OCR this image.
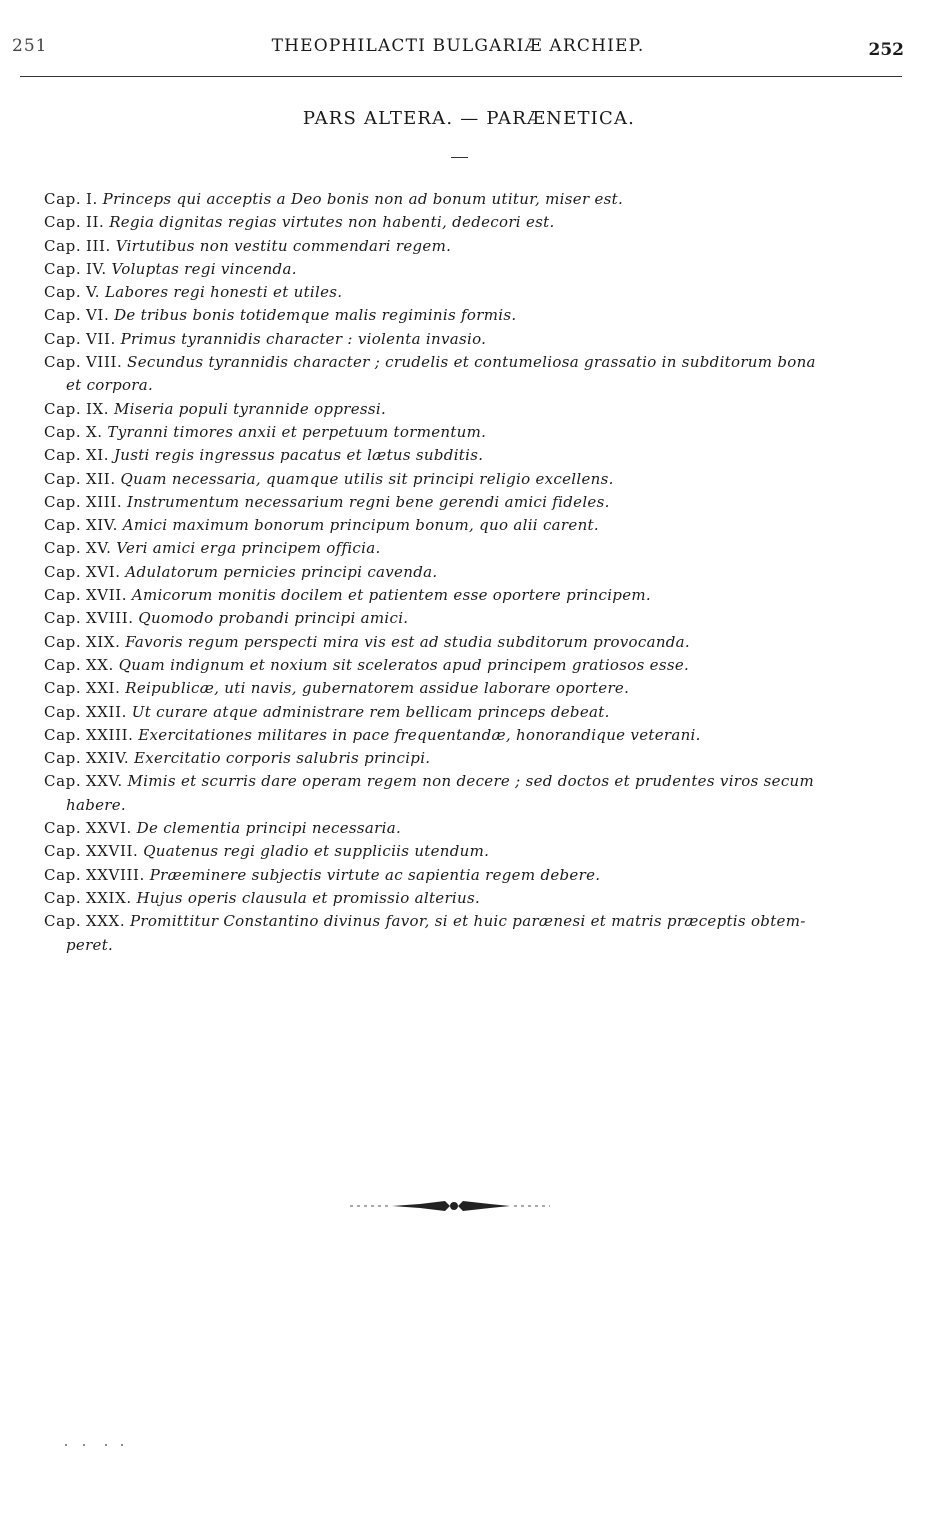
251	THEOPHILACTI BULGARIÆ ARCHIEP.	252
PARS ALTERA. — PARÆNETICA.
Cap. I. Princeps qui acceptis a Deo bonis non ad bonum utitur, miser est.
Cap. II. Regia dignitas regias virtutes non habenti, dedecori est.
Cap. III. Virtutibus non vestitu commendari regem.
Cap. IV. Voluptas regi vincenda.
Cap. V. Labores regi honesti et utiles.
Cap. VI. De tribus bonis totidemque malis regiminis formis.
Cap. VII. Primus tyrannidis character : violenta invasio.
Cap. VIII. Secundus tyrannidis character ; crudelis et contumeliosa grassatio in subditorum bona
et corpora.
Cap. IX. Miseria populi tyrannide oppressi.
Cap. X. Tyranni timores anxii et perpetuum tormentum.
Cap. XI. Justi regis ingressus pacatus et lætus subditis.
Cap. XII. Quam necessaria, quamque utilis sit principi religio excellens.
Cap. XIII. Instrumentum necessarium regni bene gerendi amici fideles.
Cap. XIV. Amici maximum bonorum principum bonum, quo alii carent.
Cap. XV. Veri amici erga principem officia.
Cap. XVI. Adulatorum pernicies principi cavenda.
Cap. XVII. Amicorum monitis docilem et patientem esse oportere principem.
Cap. XVIII. Quomodo probandi principi amici.
Cap. XIX. Favoris regum perspecti mira vis est ad studia subditorum provocanda.
Cap. XX. Quam indignum et noxium sit sceleratos apud principem gratiosos esse.
Cap. XXI. Reipublicæ, uti navis, gubernatorem assidue laborare oportere.
Cap. XXII. Ut curare atque administrare rem bellicam princeps debeat.
Cap. XXIII. Exercitationes militares in pace frequentandæ, honorandique veterani.
Cap. XXIV. Exercitatio corporis salubris principi.
Cap. XXV. Mimis et scurris dare operam regem non decere ; sed doctos et prudentes viros secum
habere.
Cap. XXVI. De clementia principi necessaria.
Cap. XXVII. Quatenus regi gladio et suppliciis utendum.
Cap. XXVIII. Præeminere subjectis virtute ac sapientia regem debere.
Cap. XXIX. Hujus operis clausula et promissio alterius.
Cap. XXX. Promittitur Constantino divinus favor, si et huic parænesi et matris præceptis obtem-
peret.
